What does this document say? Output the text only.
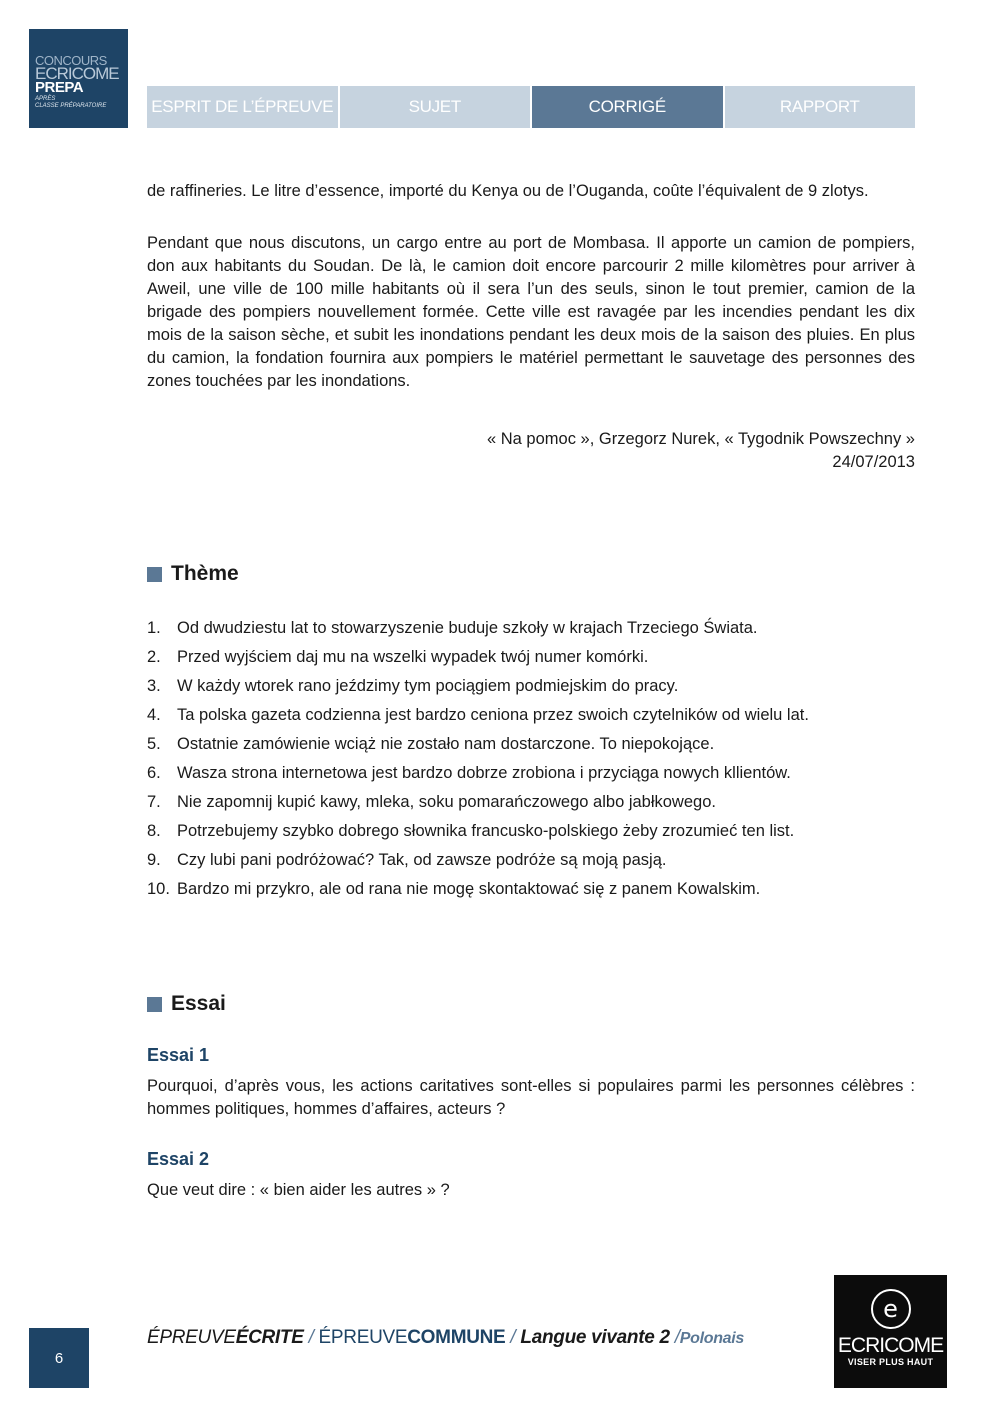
CONCOURS
ECRICOME
PREPA
APRÈS
CLASSE PRÉPARATOIRE	ESPRIT DE L’ÉPREUVE	SUJET	CORRIGÉ	RAPPORT

de raffineries. Le litre d’essence, importé du Kenya ou de l’Ouganda, coûte l’équivalent de 9 zlotys.

Pendant que nous discutons, un cargo entre au port de Mombasa. Il apporte un camion de pompiers, don aux habitants du Soudan. De là, le camion doit encore parcourir 2 mille kilomètres pour arriver à Aweil, une ville de 100 mille habitants où il sera l’un des seuls, sinon le tout premier, camion de la brigade des pompiers nouvellement formée. Cette ville est ravagée par les incendies pendant les dix mois de la saison sèche, et subit les inondations pendant les deux mois de la saison des pluies. En plus du camion, la fondation fournira aux pompiers le matériel permettant le sauvetage des personnes des zones touchées par les inondations.

« Na pomoc », Grzegorz Nurek, « Tygodnik Powszechny »
24/07/2013
Thème
1. Od dwudziestu lat to stowarzyszenie buduje szkoły w krajach Trzeciego Świata.
2. Przed wyjściem daj mu na wszelki wypadek twój numer komórki.
3. W każdy wtorek rano jeździmy tym pociągiem podmiejskim do pracy.
4. Ta polska gazeta codzienna jest bardzo ceniona przez swoich czytelników od wielu lat.
5. Ostatnie zamówienie wciąż nie zostało nam dostarczone. To niepokojące.
6. Wasza strona internetowa jest bardzo dobrze zrobiona i przyciąga nowych kllientów.
7. Nie zapomnij kupić kawy, mleka, soku pomarańczowego albo jabłkowego.
8. Potrzebujemy szybko dobrego słownika francusko-polskiego żeby zrozumieć ten list.
9. Czy lubi pani podróżować? Tak, od zawsze podróże są moją pasją.
10. Bardzo mi przykro, ale od rana nie mogę skontaktować się z panem Kowalskim.
Essai
Essai 1

Pourquoi, d’après vous, les actions caritatives sont-elles si populaires parmi les personnes célèbres : hommes politiques, hommes d’affaires, acteurs ?

Essai 2

Que veut dire : « bien aider les autres » ?

6
ÉPREUVEÉCRITE / ÉPREUVECOMMUNE / Langue vivante 2 /Polonais
e
ECRICOME
VISER PLUS HAUT
